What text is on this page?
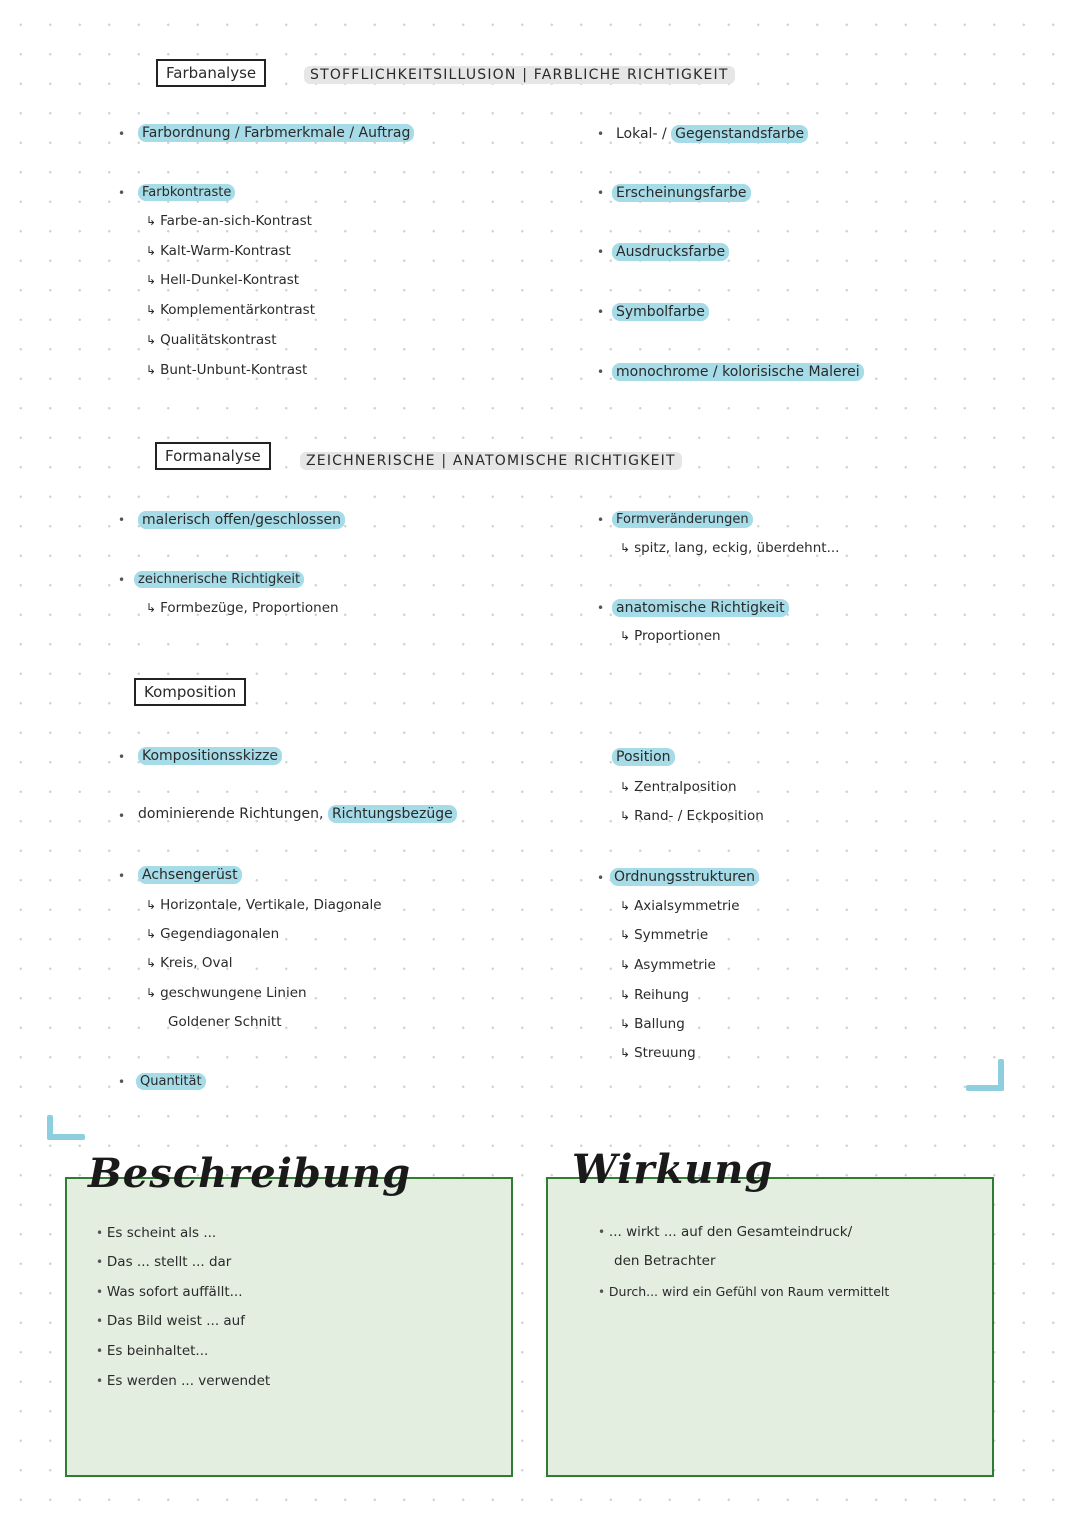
Farbanalyse	STOFFLICHKEITSILLUSION | FARBLICHE RICHTIGKEIT
• Farbordnung / Farbmerkmale / Auftrag
•	Farbkontraste
↳ Farbe-an-sich-Kontrast
↳ Kalt-Warm-Kontrast
↳ Hell-Dunkel-Kontrast
↳ Komplementärkontrast
↳ Qualitätskontrast
↳ Bunt-Unbunt-Kontrast
• Lokal- / Gegenstandsfarbe
• Erscheinungsfarbe
• Ausdrucksfarbe
• Symbolfarbe
• monochrome / kolorisische Malerei
Formanalyse	ZEICHNERISCHE | ANATOMISCHE RICHTIGKEIT
• malerisch offen/geschlossen
• zeichnerische Richtigkeit
↳ Formbezüge, Proportionen
• Formveränderungen
↳ spitz, lang, eckig, überdehnt...
• anatomische Richtigkeit
↳ Proportionen
Komposition
• Kompositionsskizze
• dominierende Richtungen, Richtungsbezüge
• Achsengerüst
↳ Horizontale, Vertikale, Diagonale
↳ Gegendiagonalen
↳ Kreis, Oval
↳ geschwungene Linien
Goldener Schnitt
•	Quantität
Position
↳ Zentralposition
↳ Rand- / Eckposition
• Ordnungsstrukturen
↳ Axialsymmetrie
↳ Symmetrie
↳ Asymmetrie
↳ Reihung
↳ Ballung
↳ Streuung
Beschreibung
• Es scheint als ...
• Das ... stellt ... dar
• Was sofort auffällt...
• Das Bild weist ... auf
• Es beinhaltet...
• Es werden ... verwendet
Wirkung
• ... wirkt ... auf den Gesamteindruck/
den Betrachter
• Durch... wird ein Gefühl von Raum vermittelt
